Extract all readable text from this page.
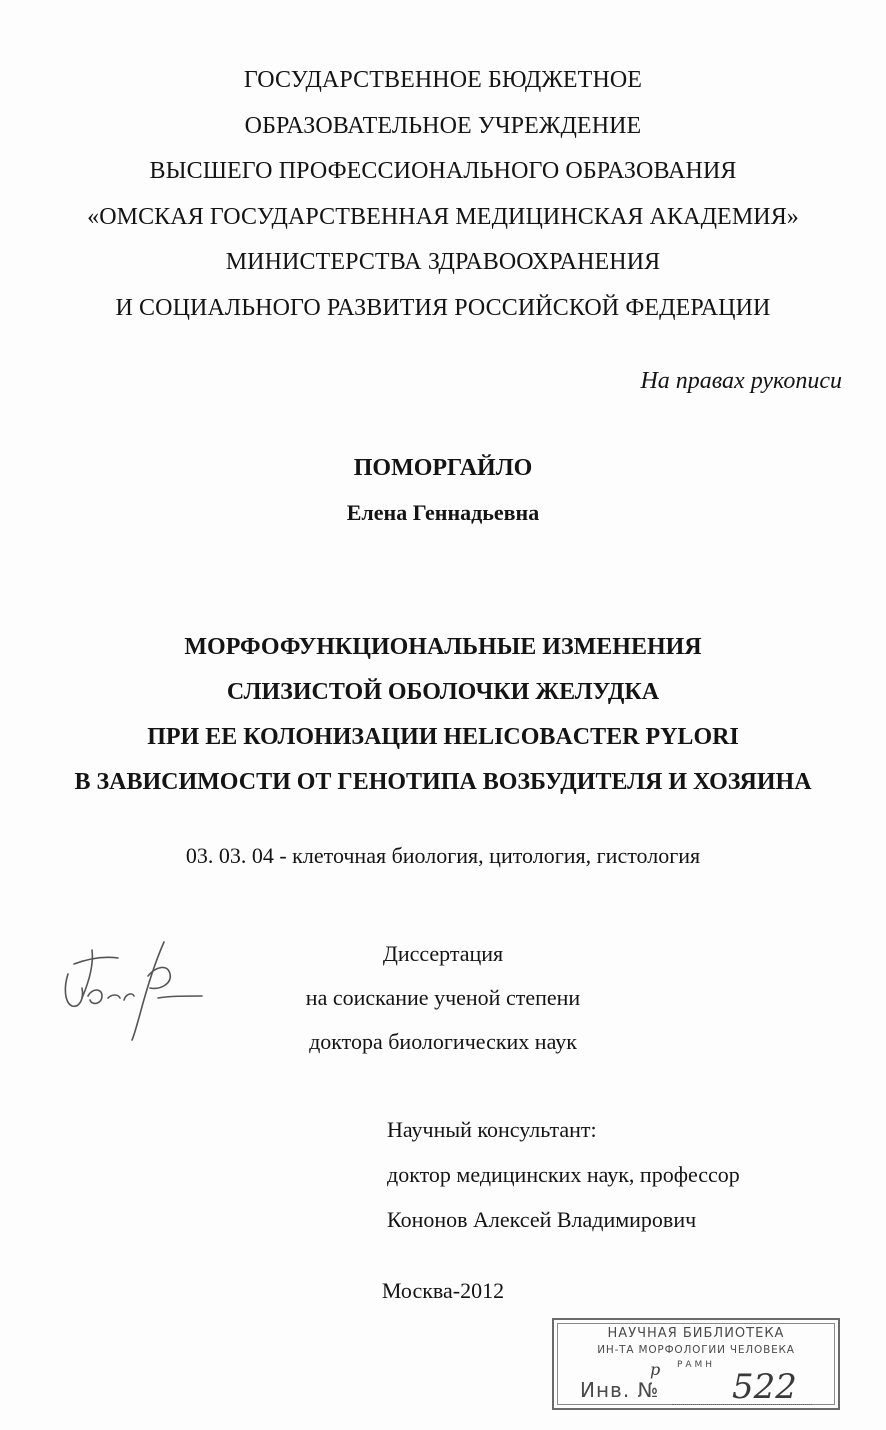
ГОСУДАРСТВЕННОЕ БЮДЖЕТНОЕ
ОБРАЗОВАТЕЛЬНОЕ УЧРЕЖДЕНИЕ
ВЫСШЕГО ПРОФЕССИОНАЛЬНОГО ОБРАЗОВАНИЯ
«ОМСКАЯ ГОСУДАРСТВЕННАЯ МЕДИЦИНСКАЯ АКАДЕМИЯ»
МИНИСТЕРСТВА ЗДРАВООХРАНЕНИЯ
И СОЦИАЛЬНОГО РАЗВИТИЯ РОССИЙСКОЙ ФЕДЕРАЦИИ
На правах рукописи
ПОМОРГАЙЛО
Елена Геннадьевна
МОРФОФУНКЦИОНАЛЬНЫЕ ИЗМЕНЕНИЯ
СЛИЗИСТОЙ ОБОЛОЧКИ ЖЕЛУДКА
ПРИ ЕЕ КОЛОНИЗАЦИИ HELICOBACTER PYLORI
В ЗАВИСИМОСТИ ОТ ГЕНОТИПА ВОЗБУДИТЕЛЯ И ХОЗЯИНА
03. 03. 04 - клеточная биология, цитология, гистология
Диссертация
на соискание ученой степени
доктора биологических наук
Научный консультант:
доктор медицинских наук, профессор
Кононов Алексей Владимирович
Москва-2012
НАУЧНАЯ БИБЛИОТЕКА
ИН-ТА МОРФОЛОГИИ ЧЕЛОВЕКА
РАМН
р
Инв. № 522
